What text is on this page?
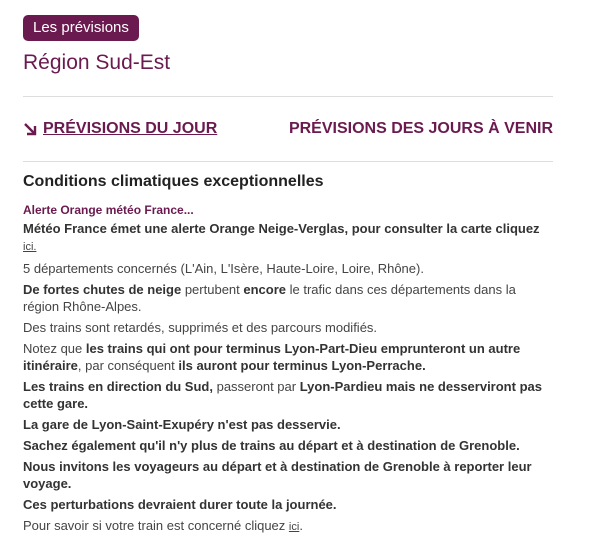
Les prévisions
Région Sud-Est
PRÉVISIONS DU JOUR	PRÉVISIONS DES JOURS À VENIR
Conditions climatiques exceptionnelles
Alerte Orange météo France...

Météo France émet une alerte Orange Neige-Verglas, pour consulter la carte cliquez ici.

5 départements concernés (L'Ain, L'Isère, Haute-Loire, Loire, Rhône).

De fortes chutes de neige pertubent encore le trafic dans ces départements dans la région Rhône-Alpes.

Des trains sont retardés, supprimés et des parcours modifiés.

Notez que les trains qui ont pour terminus Lyon-Part-Dieu emprunteront un autre itinéraire, par conséquent ils auront pour terminus Lyon-Perrache.

Les trains en direction du Sud, passeront par Lyon-Pardieu mais ne desserviront pas cette gare.

La gare de Lyon-Saint-Exupéry n'est pas desservie.

Sachez également qu'il n'y plus de trains au départ et à destination de Grenoble.

Nous invitons les voyageurs au départ et à destination de Grenoble à reporter leur voyage.

Ces perturbations devraient durer toute la journée.

Pour savoir si votre train est concerné cliquez ici.
